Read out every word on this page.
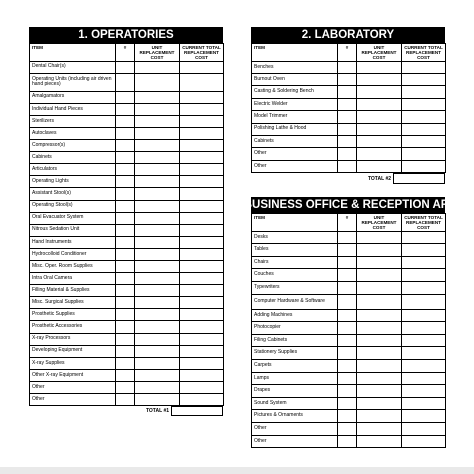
1. OPERATORIES
ITEM	#	UNIT REPLACEMENT COST	CURRENT TOTAL REPLACEMENT COST
Dental Chair(s)			
Operating Units (including air driven hand pieces)			
Amalgamators			
Individual Hand Pieces			
Sterilizers			
Autoclaves			
Compressor(s)			
Cabinets			
Articulators			
Operating Lights			
Assistant Stool(s)			
Operating Stool(s)			
Oral Evacuator System			
Nitrous Sedation Unit			
Hand Instruments			
Hydrocolloid Conditioner			
Misc. Oper. Room Supplies			
Intra Oral Camera			
Filling Material & Supplies			
Misc. Surgical Supplies			
Prosthetic Supplies			
Prosthetic Accessories			
X-ray Processors			
Developing Equipment			
X-ray Supplies			
Other X-ray Equipment			
Other			
Other			
TOTAL #1
2. LABORATORY
ITEM	#	UNIT REPLACEMENT COST	CURRENT TOTAL REPLACEMENT COST
Benches			
Burnout Oven			
Casting & Soldering Bench			
Electric Welder			
Model Trimmer			
Polishing Lathe & Hood			
Cabinets			
Other			
Other			
TOTAL #2
3. BUSINESS OFFICE & RECEPTION AREA
ITEM	#	UNIT REPLACEMENT COST	CURRENT TOTAL REPLACEMENT COST
Desks			
Tables			
Chairs			
Couches			
Typewriters			
Computer Hardware & Software			
Adding Machines			
Photocopier			
Filing Cabinets			
Stationery Supplies			
Carpets			
Lamps			
Drapes			
Sound System			
Pictures & Ornaments			
Other			
Other			
